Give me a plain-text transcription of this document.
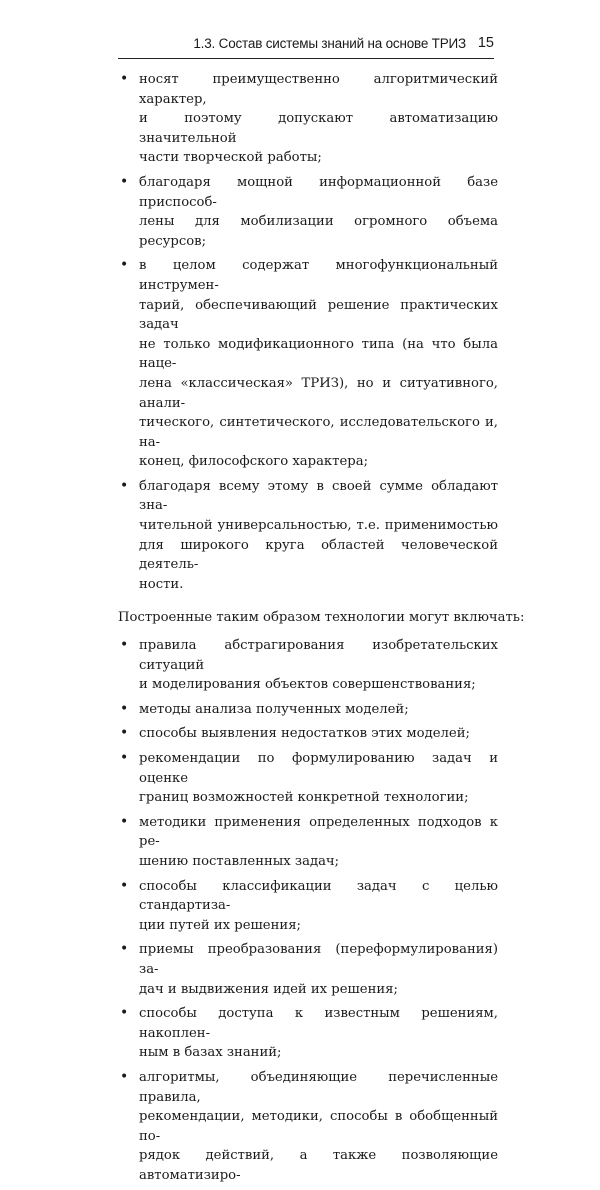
1.3. Состав системы знаний на основе ТРИЗ 15
• носят преимущественно алгоритмический характер,
и поэтому допускают автоматизацию значительной
части творческой работы;
• благодаря мощной информационной базе приспособ-
лены для мобилизации огромного объема ресурсов;
• в целом содержат многофункциональный инструмен-
тарий, обеспечивающий решение практических задач
не только модификационного типа (на что была наце-
лена «классическая» ТРИЗ), но и ситуативного, анали-
тического, синтетического, исследовательского и, на-
конец, философского характера;
• благодаря всему этому в своей сумме обладают зна-
чительной универсальностью, т.е. применимостью
для широкого круга областей человеческой деятель-
ности.
Построенные таким образом технологии могут включать:
• правила абстрагирования изобретательских ситуаций
и моделирования объектов совершенствования;
• методы анализа полученных моделей;
• способы выявления недостатков этих моделей;
• рекомендации по формулированию задач и оценке
границ возможностей конкретной технологии;
• методики применения определенных подходов к ре-
шению поставленных задач;
• способы классификации задач с целью стандартиза-
ции путей их решения;
• приемы преобразования (переформулирования) за-
дач и выдвижения идей их решения;
• способы доступа к известным решениям, накоплен-
ным в базах знаний;
• алгоритмы, объединяющие перечисленные правила,
рекомендации, методики, способы в обобщенный по-
рядок действий, а также позволяющие автоматизиро-
